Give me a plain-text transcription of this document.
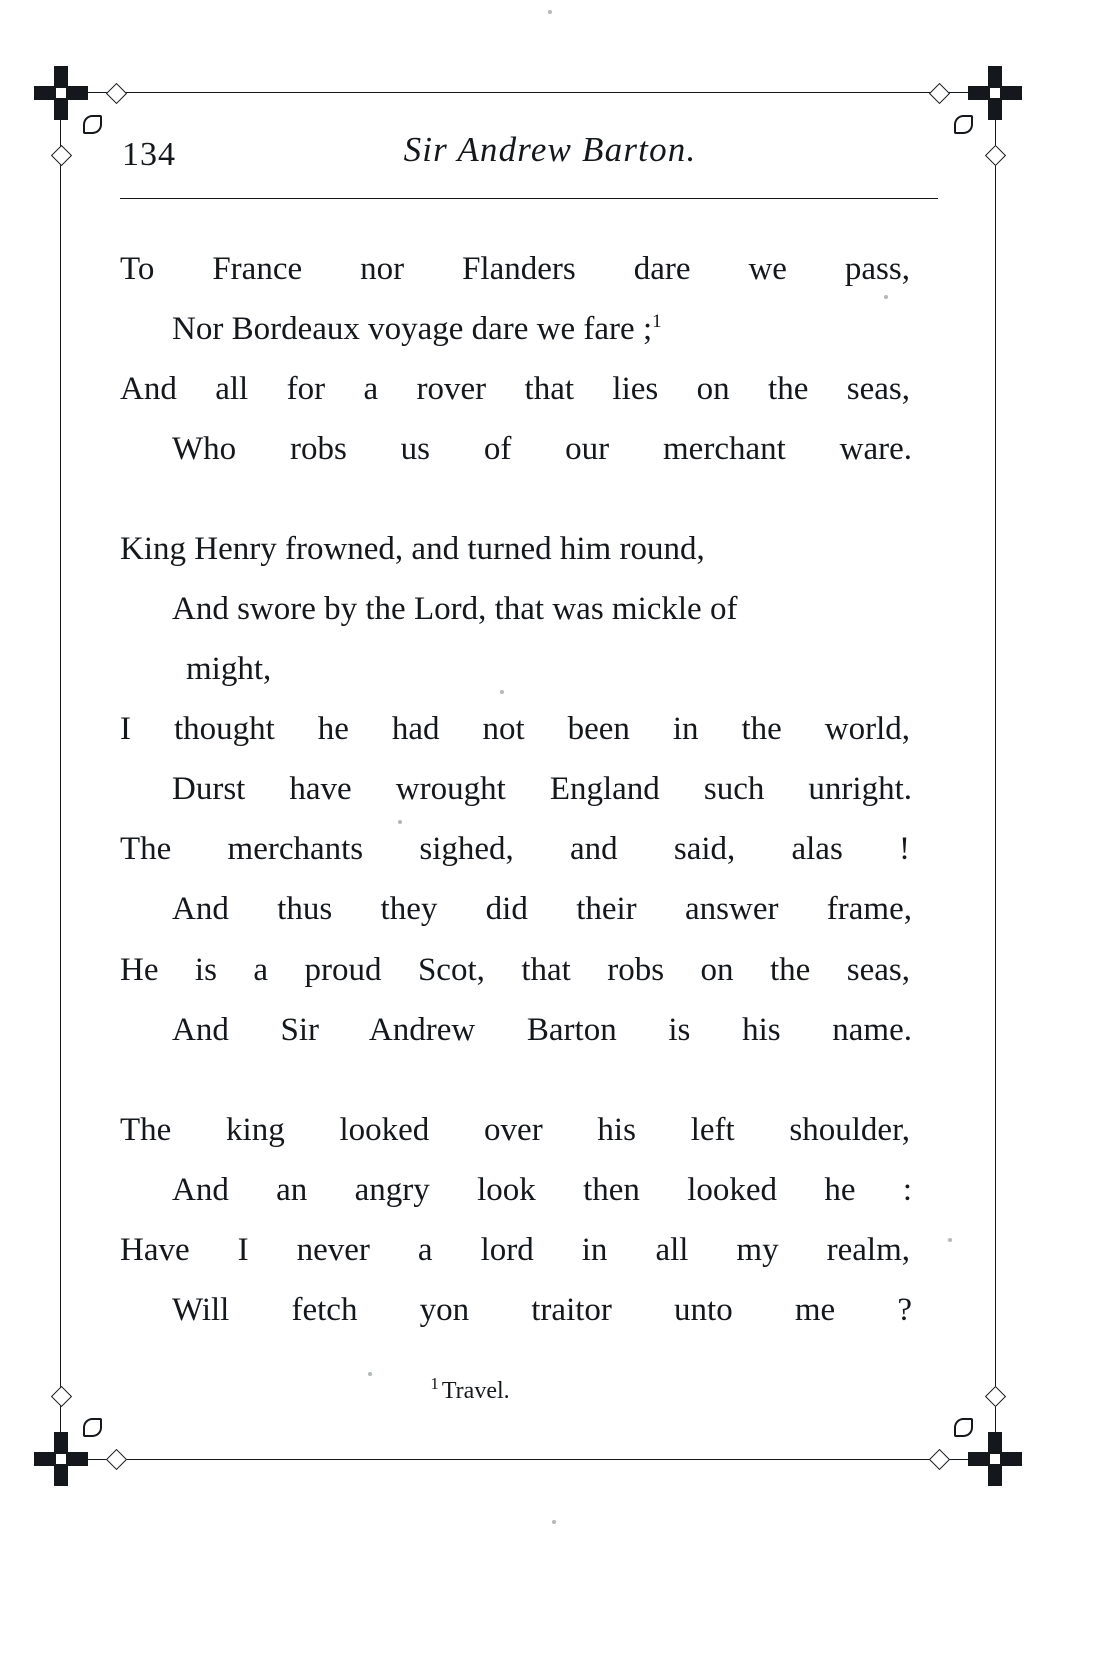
134	Sir Andrew Barton.
To France nor Flanders dare we pass,
Nor Bordeaux voyage dare we fare ;$^1$
And all for a rover that lies on the seas,
Who robs us of our merchant ware.
King Henry frowned, and turned him round,
And swore by the Lord, that was mickle of
might,
I thought he had not been in the world,
Durst have wrought England such unright.
The merchants sighed, and said, alas !
And thus they did their answer frame,
He is a proud Scot, that robs on the seas,
And Sir Andrew Barton is his name.
The king looked over his left shoulder,
And an angry look then looked he :
Have I never a lord in all my realm,
Will fetch yon traitor unto me ?
$^1$ Travel.
